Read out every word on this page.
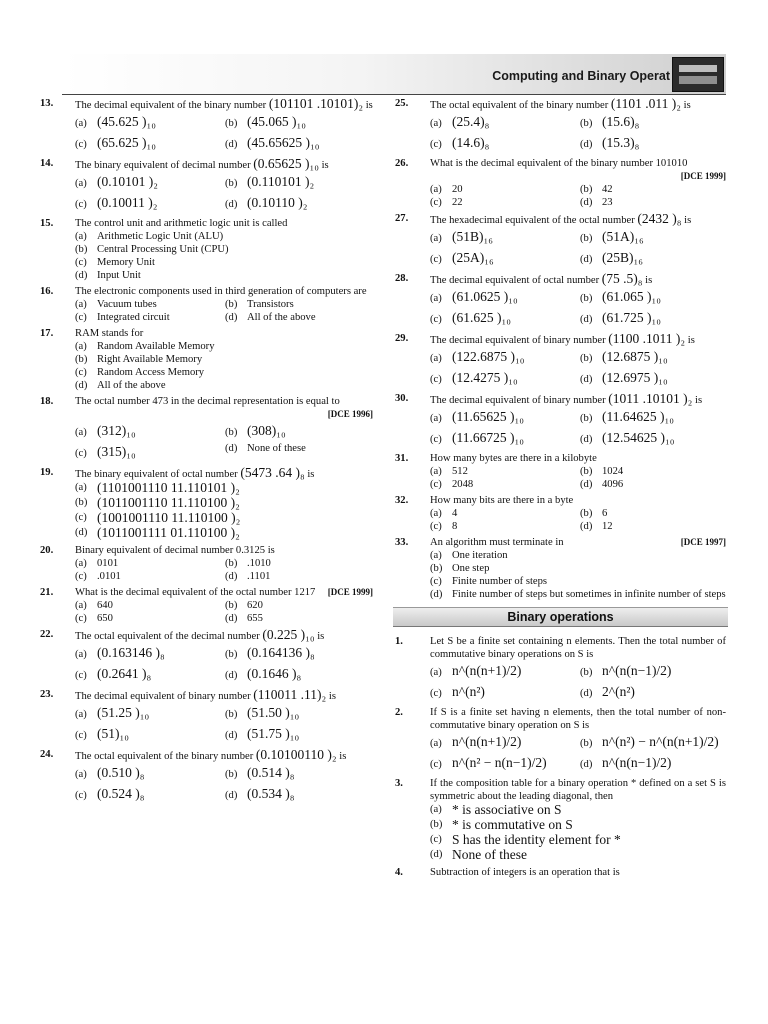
Computing and Binary Operat
13. The decimal equivalent of the binary number (101101 .10101)₂ is
(a) (45.625 )₁₀	(b) (45.065 )₁₀
(c) (65.625 )₁₀	(d) (45.65625 )₁₀
14. The binary equivalent of decimal number (0.65625 )₁₀ is
(a) (0.10101 )₂	(b) (0.110101 )₂
(c) (0.10011 )₂	(d) (0.10110 )₂
15. The control unit and arithmetic logic unit is called
(a) Arithmetic Logic Unit (ALU)
(b) Central Processing Unit (CPU)
(c) Memory Unit
(d) Input Unit
16. The electronic components used in third generation of computers are
(a) Vacuum tubes	(b) Transistors
(c) Integrated circuit	(d) All of the above
17. RAM stands for
(a) Random Available Memory
(b) Right Available Memory
(c) Random Access Memory
(d) All of the above
18. The octal number 473 in the decimal representation is equal to
[DCE 1996]
(a) (312)₁₀	(b) (308)₁₀
(c) (315)₁₀	(d) None of these
19. The binary equivalent of octal number (5473 .64 )₈ is
(a) (1101001110 11.110101 )₂
(b) (1011001110 11.110100 )₂
(c) (1001001110 11.110100 )₂
(d) (1011001111 01.110100 )₂
20. Binary equivalent of decimal number 0.3125 is
(a) 0101	(b) .1010
(c) .0101	(d) .1101
21. What is the decimal equivalent of the octal number 1217 [DCE 1999]
(a) 640	(b) 620
(c) 650	(d) 655
22. The octal equivalent of the decimal number (0.225 )₁₀ is
(a) (0.163146 )₈	(b) (0.164136 )₈
(c) (0.2641 )₈	(d) (0.1646 )₈
23. The decimal equivalent of binary number (110011 .11)₂ is
(a) (51.25 )₁₀	(b) (51.50 )₁₀
(c) (51)₁₀	(d) (51.75 )₁₀
24. The octal equivalent of the binary number (0.10100110 )₂ is
(a) (0.510 )₈	(b) (0.514 )₈
(c) (0.524 )₈	(d) (0.534 )₈
25. The octal equivalent of the binary number (1101 .011 )₂ is
(a) (25.4)₈	(b) (15.6)₈
(c) (14.6)₈	(d) (15.3)₈
26. What is the decimal equivalent of the binary number 101010
[DCE 1999]
(a) 20	(b) 42
(c) 22	(d) 23
27. The hexadecimal equivalent of the octal number (2432 )₈ is
(a) (51B)₁₆	(b) (51A)₁₆
(c) (25A)₁₆	(d) (25B)₁₆
28. The decimal equivalent of octal number (75 .5)₈ is
(a) (61.0625 )₁₀	(b) (61.065 )₁₀
(c) (61.625 )₁₀	(d) (61.725 )₁₀
29. The decimal equivalent of binary number (1100 .1011 )₂ is
(a) (122.6875 )₁₀	(b) (12.6875 )₁₀
(c) (12.4275 )₁₀	(d) (12.6975 )₁₀
30. The decimal equivalent of binary number (1011 .10101 )₂ is
(a) (11.65625 )₁₀	(b) (11.64625 )₁₀
(c) (11.66725 )₁₀	(d) (12.54625 )₁₀
31. How many bytes are there in a kilobyte
(a) 512	(b) 1024
(c) 2048	(d) 4096
32. How many bits are there in a byte
(a) 4	(b) 6
(c) 8	(d) 12
33. An algorithm must terminate in	[DCE 1997]
(a) One iteration
(b) One step
(c) Finite number of steps
(d) Finite number of steps but sometimes in infinite number of steps
Binary operations
1.	Let S be a finite set containing n elements. Then the total number of commutative binary operations on S is
(a) n^(n(n+1)/2)	(b) n^(n(n−1)/2)
(c) n^(n²)	(d) 2^(n²)
2.	If S is a finite set having n elements, then the total number of non-commutative binary operation on S is
(a) n^(n(n+1)/2)	(b) n^(n²) − n^(n(n+1)/2)
(c) n^(n² − n(n−1)/2)	(d) n^(n(n−1)/2)
3.	If the composition table for a binary operation * defined on a set S is symmetric about the leading diagonal, then
(a) * is associative on S
(b) * is commutative on S
(c) S has the identity element for *
(d) None of these
4.	Subtraction of integers is an operation that is
